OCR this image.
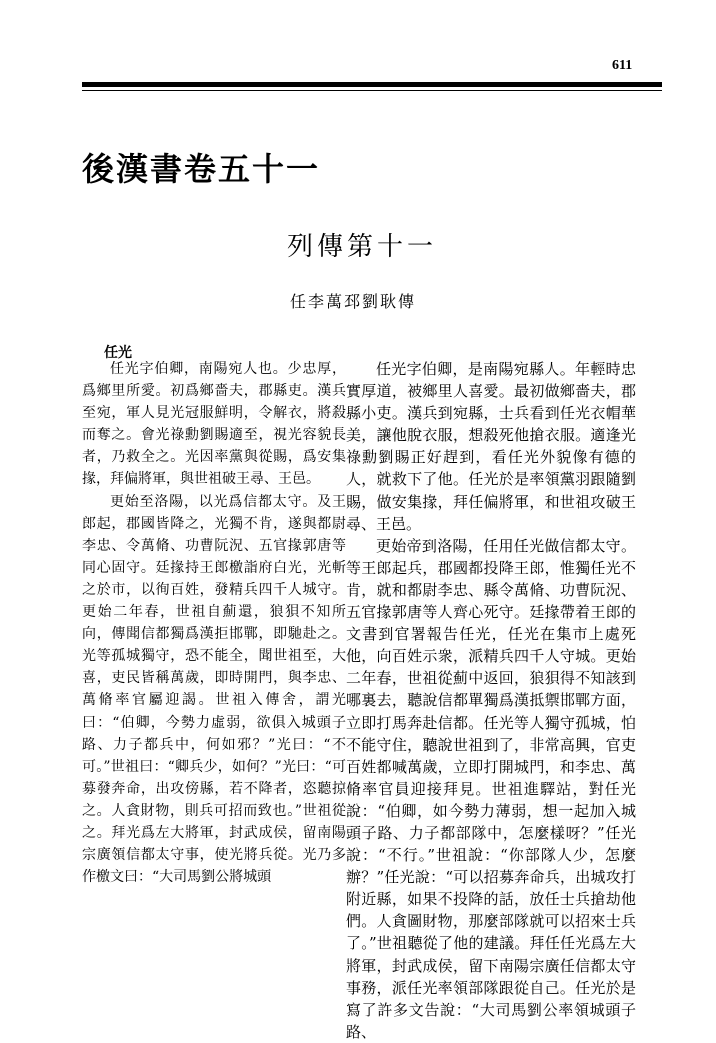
611
後漢書卷五十一
列傳第十一
任李萬邳劉耿傳
任光

任光字伯卿，南陽宛人也。少忠厚，爲鄉里所愛。初爲鄉嗇夫，郡縣吏。漢兵至宛，軍人見光冠服鮮明，令解衣，將殺而奪之。會光祿勳劉賜適至，視光容貌長者，乃救全之。光因率黨與從賜，爲安集掾，拜偏將軍，與世祖破王尋、王邑。

更始至洛陽，以光爲信都太守。及王郎起，郡國皆降之，光獨不肯，遂與都尉李忠、令萬脩、功曹阮況、五官掾郭唐等同心固守。廷掾持王郎檄詣府白光，光斬之於市，以徇百姓，發精兵四千人城守。更始二年春，世祖自薊還，狼狽不知所向，傳聞信都獨爲漢拒邯鄲，即馳赴之。光等孤城獨守，恐不能全，聞世祖至，大喜，吏民皆稱萬歲，即時開門，與李忠、萬脩率官屬迎謁。世祖入傳舍，謂光曰：“伯卿，今勢力虛弱，欲俱入城頭子路、力子都兵中，何如邪？”光曰：“不可。”世祖曰：“卿兵少，如何？”光曰：“可募發奔命，出攻傍縣，若不降者，恣聽掠之。人貪財物，則兵可招而致也。”世祖從之。拜光爲左大將軍，封武成侯，留南陽宗廣領信都太守事，使光將兵從。光乃多作檄文曰：“大司馬劉公將城頭

任光字伯卿，是南陽宛縣人。年輕時忠實厚道，被鄉里人喜愛。最初做鄉嗇夫，郡縣小吏。漢兵到宛縣，士兵看到任光衣帽華美，讓他脫衣服，想殺死他搶衣服。適逢光祿勳劉賜正好趕到，看任光外貌像有德的人，就救下了他。任光於是率領黨羽跟隨劉賜，做安集掾，拜任偏將軍，和世祖攻破王尋、王邑。

更始帝到洛陽，任用任光做信都太守。等王郎起兵，郡國都投降王郎，惟獨任光不肯，就和都尉李忠、縣令萬脩、功曹阮況、五官掾郭唐等人齊心死守。廷掾帶着王郎的文書到官署報告任光，任光在集市上處死他，向百姓示衆，派精兵四千人守城。更始二年春，世祖從薊中返回，狼狽得不知該到哪裏去，聽說信都單獨爲漢抵禦邯鄲方面，立即打馬奔赴信都。任光等人獨守孤城，怕不能守住，聽說世祖到了，非常高興，官吏百姓都喊萬歲，立即打開城門，和李忠、萬脩率官員迎接拜見。世祖進驛站，對任光說：“伯卿，如今勢力薄弱，想一起加入城頭子路、力子都部隊中，怎麼樣呀？”任光說：“不行。”世祖說：“你部隊人少，怎麼辦？”任光說：“可以招募奔命兵，出城攻打附近縣，如果不投降的話，放任士兵搶劫他們。人貪圖財物，那麼部隊就可以招來士兵了。”世祖聽從了他的建議。拜任任光爲左大將軍，封武成侯，留下南陽宗廣任信都太守事務，派任光率領部隊跟從自己。任光於是寫了許多文告說：“大司馬劉公率領城頭子路、
